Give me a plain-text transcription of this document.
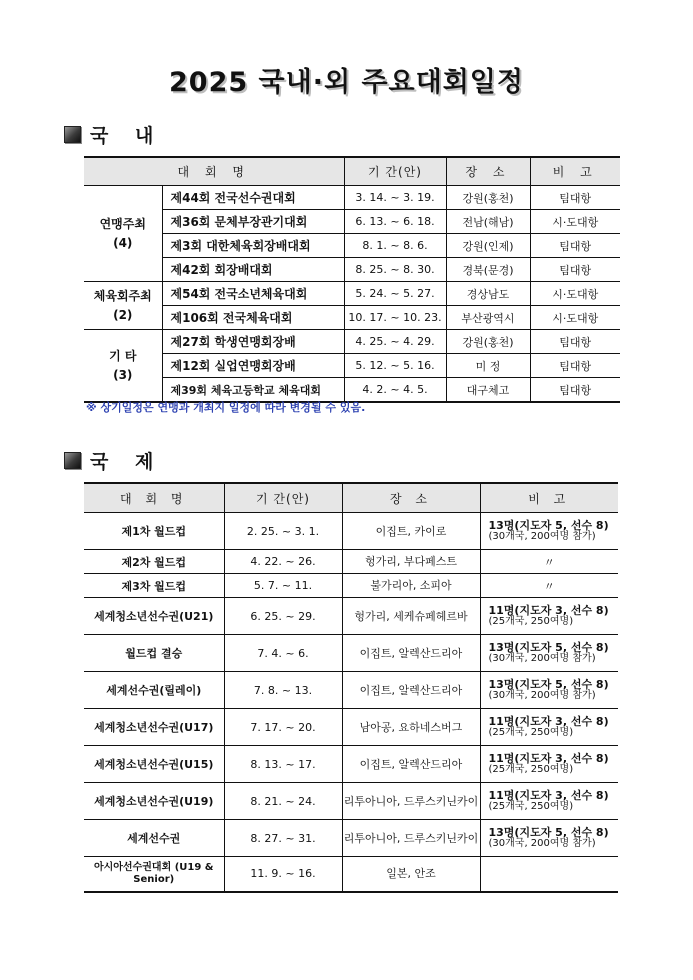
2025 국내·외 주요대회일정
국 내
대 회 명		기 간(안)	장 소	비 고
연맹주최
(4)	제44회 전국선수권대회	3. 14. ~ 3. 19.	강원(홍천)	팀대항
	제36회 문체부장관기대회	6. 13. ~ 6. 18.	전남(해남)	시·도대항
	제3회 대한체육회장배대회	8. 1. ~ 8. 6.	강원(인제)	팀대항
	제42회 회장배대회	8. 25. ~ 8. 30.	경북(문경)	팀대항
체육회주최
(2)	제54회 전국소년체육대회	5. 24. ~ 5. 27.	경상남도	시·도대항
	제106회 전국체육대회	10. 17. ~ 10. 23.	부산광역시	시·도대항
기 타
(3)	제27회 학생연맹회장배	4. 25. ~ 4. 29.	강원(홍천)	팀대항
	제12회 실업연맹회장배	5. 12. ~ 5. 16.	미 정	팀대항
	제39회 체육고등학교 체육대회	4. 2. ~ 4. 5.	대구체고	팀대항
※ 상기일정은 연맹과 개최지 일정에 따라 변경될 수 있음.
국 제
대 회 명	기 간(안)	장 소	비 고
제1차 월드컵	2. 25. ~ 3. 1.	이집트, 카이로	13명(지도자 5, 선수 8)
(30개국, 200여명 참가)

제2차 월드컵	4. 22. ~ 26.	헝가리, 부다페스트	〃
제3차 월드컵	5. 7. ~ 11.	불가리아, 소피아	〃
세계청소년선수권(U21)	6. 25. ~ 29.	헝가리, 세케슈페헤르바	11명(지도자 3, 선수 8)
(25개국, 250여명)

월드컵 결승	7. 4. ~ 6.	이집트, 알렉산드리아	13명(지도자 5, 선수 8)
(30개국, 200여명 참가)

세계선수권(릴레이)	7. 8. ~ 13.	이집트, 알렉산드리아	13명(지도자 5, 선수 8)
(30개국, 200여명 참가)

세계청소년선수권(U17)	7. 17. ~ 20.	남아공, 요하네스버그	11명(지도자 3, 선수 8)
(25개국, 250여명)

세계청소년선수권(U15)	8. 13. ~ 17.	이집트, 알렉산드리아	11명(지도자 3, 선수 8)
(25개국, 250여명)

세계청소년선수권(U19)	8. 21. ~ 24.	리투아니아, 드루스키닌카이	11명(지도자 3, 선수 8)
(25개국, 250여명)

세계선수권	8. 27. ~ 31.	리투아니아, 드루스키닌카이	13명(지도자 5, 선수 8)
(30개국, 200여명 참가)

아시아선수권대회 (U19 & Senior)	11. 9. ~ 16.	일본, 안조	
